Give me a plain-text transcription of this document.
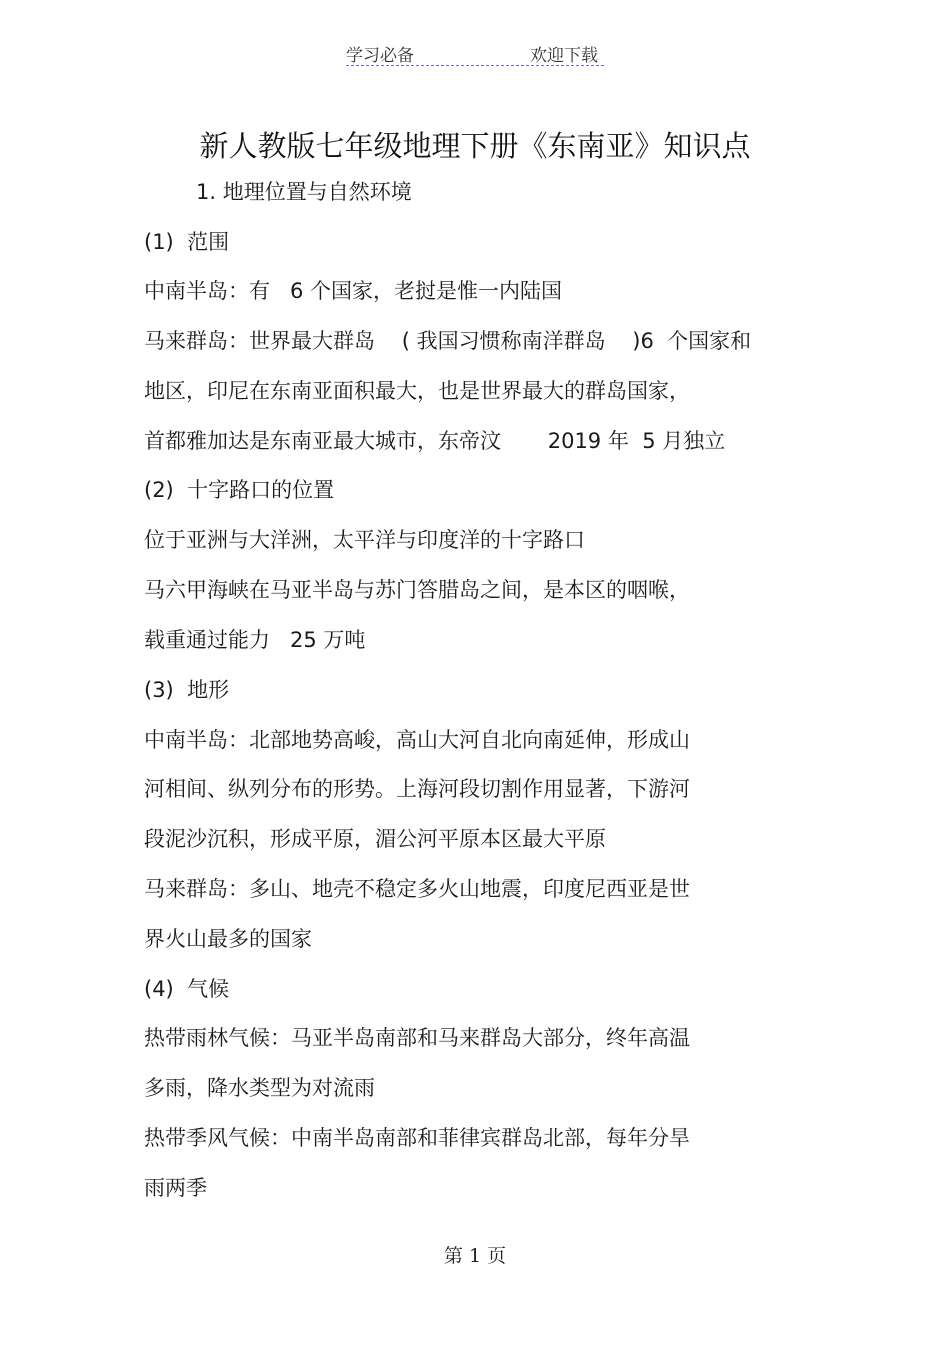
学习必备	欢迎下载
新人教版七年级地理下册《东南亚》知识点
1. 地理位置与自然环境
(1)  范围
中南半岛：有   6 个国家，老挝是惟一内陆国
马来群岛：世界最大群岛    ( 我国习惯称南洋群岛    )6  个国家和
地区，印尼在东南亚面积最大，也是世界最大的群岛国家，
首都雅加达是东南亚最大城市，东帝汶       2019 年  5 月独立
(2)  十字路口的位置
位于亚洲与大洋洲，太平洋与印度洋的十字路口
马六甲海峡在马亚半岛与苏门答腊岛之间，是本区的咽喉，
载重通过能力   25 万吨
(3)  地形
中南半岛：北部地势高峻，高山大河自北向南延伸，形成山
河相间、纵列分布的形势。上海河段切割作用显著，下游河
段泥沙沉积，形成平原，湄公河平原本区最大平原
马来群岛：多山、地壳不稳定多火山地震，印度尼西亚是世
界火山最多的国家
(4)  气候
热带雨林气候：马亚半岛南部和马来群岛大部分，终年高温
多雨，降水类型为对流雨
热带季风气候：中南半岛南部和菲律宾群岛北部，每年分旱
雨两季
第 1 页
